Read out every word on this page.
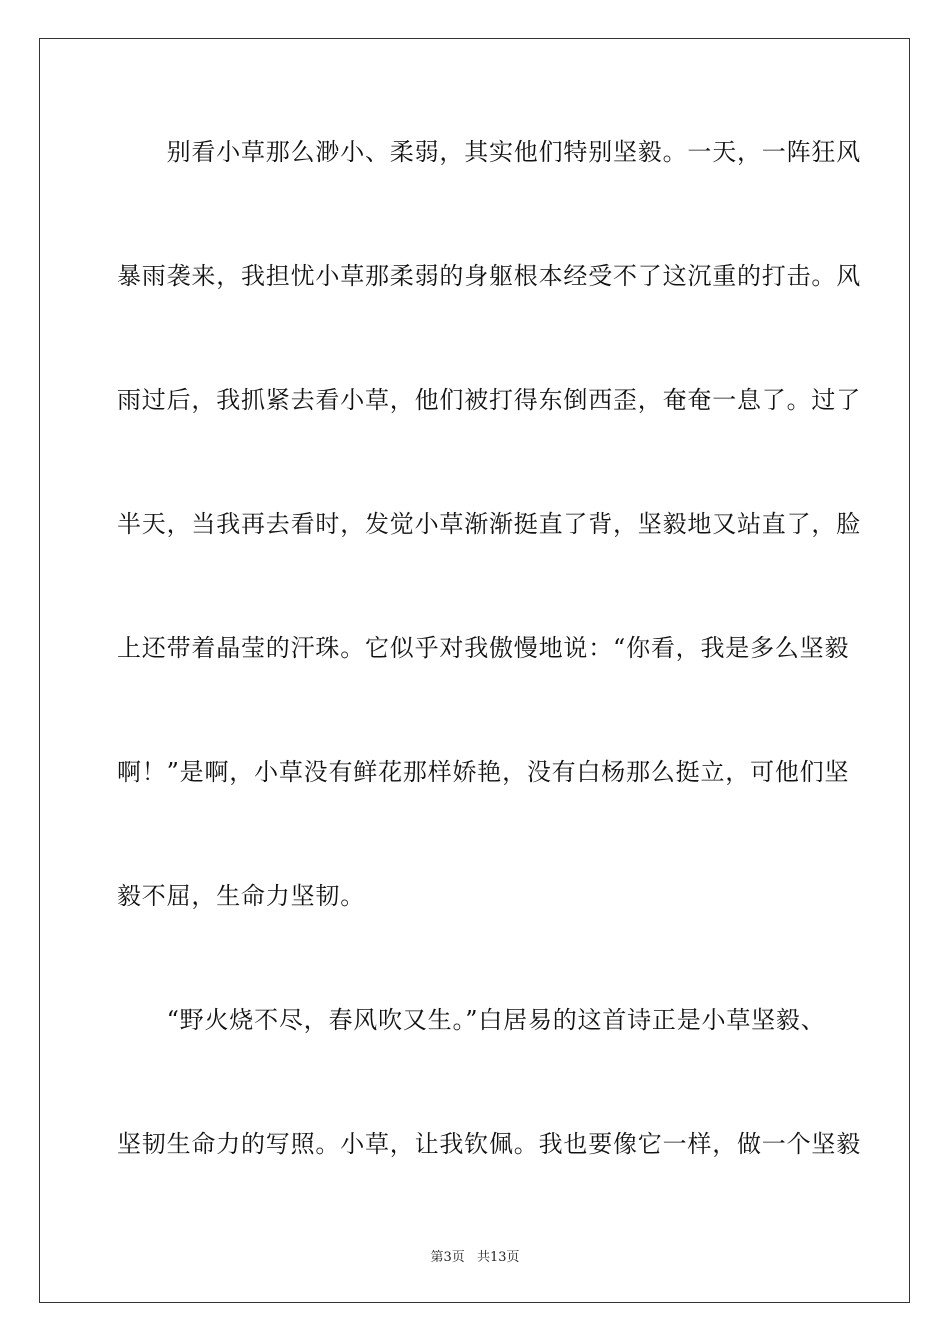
　　别看小草那么渺小、柔弱，其实他们特别坚毅。一天，一阵狂风
暴雨袭来，我担忧小草那柔弱的身躯根本经受不了这沉重的打击。风
雨过后，我抓紧去看小草，他们被打得东倒西歪，奄奄一息了。过了
半天，当我再去看时，发觉小草渐渐挺直了背，坚毅地又站直了，脸
上还带着晶莹的汗珠。它似乎对我傲慢地说：“你看，我是多么坚毅
啊！”是啊，小草没有鲜花那样娇艳，没有白杨那么挺立，可他们坚
毅不屈，生命力坚韧。
　　“野火烧不尽，春风吹又生。”白居易的这首诗正是小草坚毅、
坚韧生命力的写照。小草，让我钦佩。我也要像它一样，做一个坚毅
第3页 共13页
